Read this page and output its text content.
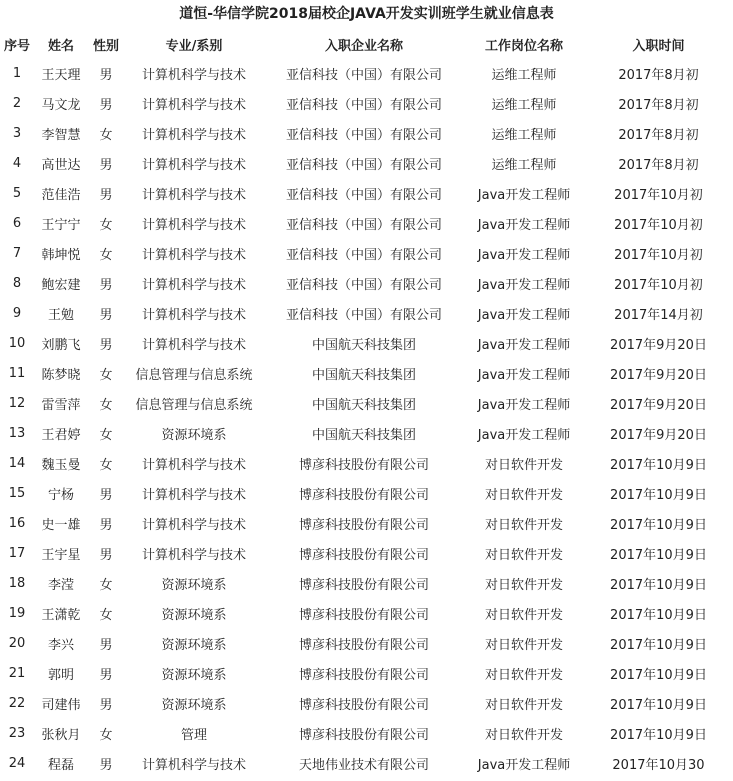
道恒-华信学院2018届校企JAVA开发实训班学生就业信息表
序号	姓名	性别	专业/系别	入职企业名称	工作岗位名称	入职时间
1	王天理	男	计算机科学与技术	亚信科技（中国）有限公司	运维工程师	2017年8月初
2	马文龙	男	计算机科学与技术	亚信科技（中国）有限公司	运维工程师	2017年8月初
3	李智慧	女	计算机科学与技术	亚信科技（中国）有限公司	运维工程师	2017年8月初
4	高世达	男	计算机科学与技术	亚信科技（中国）有限公司	运维工程师	2017年8月初
5	范佳浩	男	计算机科学与技术	亚信科技（中国）有限公司	Java开发工程师	2017年10月初
6	王宁宁	女	计算机科学与技术	亚信科技（中国）有限公司	Java开发工程师	2017年10月初
7	韩坤悦	女	计算机科学与技术	亚信科技（中国）有限公司	Java开发工程师	2017年10月初
8	鲍宏建	男	计算机科学与技术	亚信科技（中国）有限公司	Java开发工程师	2017年10月初
9	王勉	男	计算机科学与技术	亚信科技（中国）有限公司	Java开发工程师	2017年14月初
10	刘鹏飞	男	计算机科学与技术	中国航天科技集团	Java开发工程师	2017年9月20日
11	陈梦晓	女	信息管理与信息系统	中国航天科技集团	Java开发工程师	2017年9月20日
12	雷雪萍	女	信息管理与信息系统	中国航天科技集团	Java开发工程师	2017年9月20日
13	王君婷	女	资源环境系	中国航天科技集团	Java开发工程师	2017年9月20日
14	魏玉曼	女	计算机科学与技术	博彦科技股份有限公司	对日软件开发	2017年10月9日
15	宁杨	男	计算机科学与技术	博彦科技股份有限公司	对日软件开发	2017年10月9日
16	史一雄	男	计算机科学与技术	博彦科技股份有限公司	对日软件开发	2017年10月9日
17	王宇星	男	计算机科学与技术	博彦科技股份有限公司	对日软件开发	2017年10月9日
18	李滢	女	资源环境系	博彦科技股份有限公司	对日软件开发	2017年10月9日
19	王潇乾	女	资源环境系	博彦科技股份有限公司	对日软件开发	2017年10月9日
20	李兴	男	资源环境系	博彦科技股份有限公司	对日软件开发	2017年10月9日
21	郭明	男	资源环境系	博彦科技股份有限公司	对日软件开发	2017年10月9日
22	司建伟	男	资源环境系	博彦科技股份有限公司	对日软件开发	2017年10月9日
23	张秋月	女	管理	博彦科技股份有限公司	对日软件开发	2017年10月9日
24	程磊	男	计算机科学与技术	天地伟业技术有限公司	Java开发工程师	2017年10月30
